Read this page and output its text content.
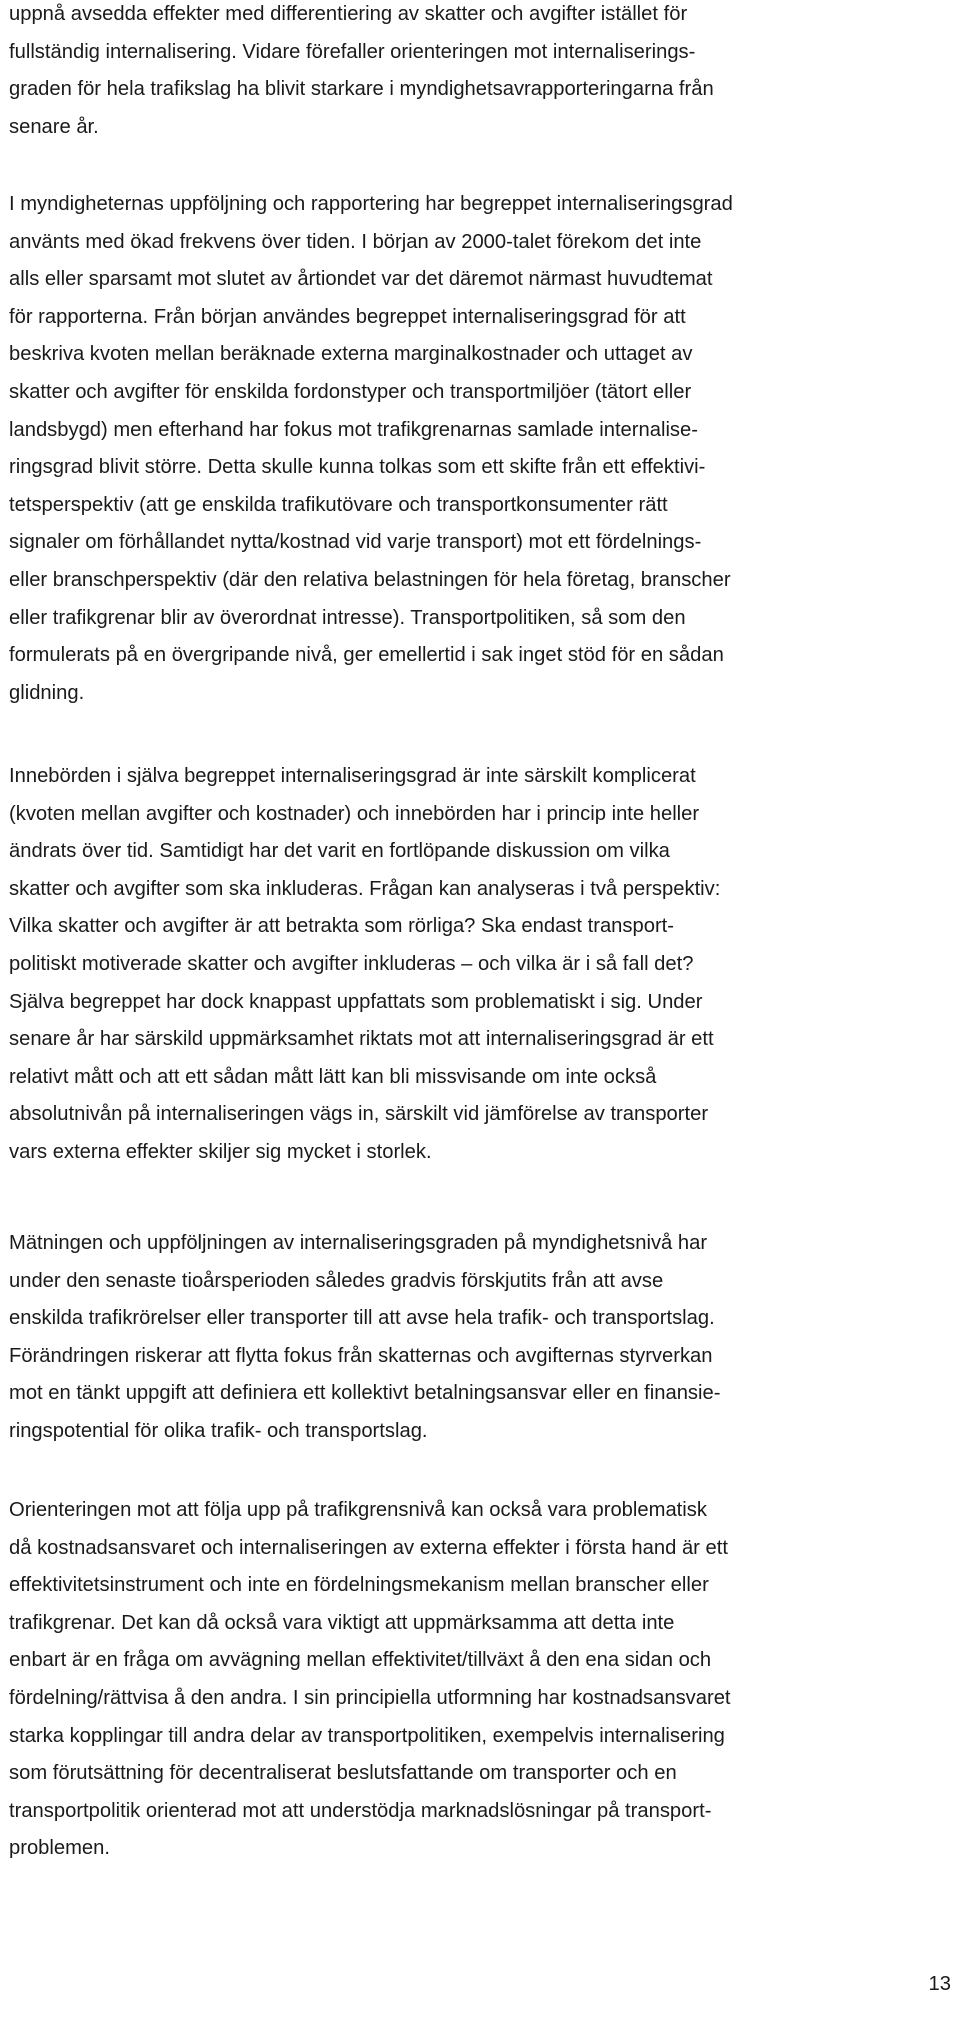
uppnå avsedda effekter med differentiering av skatter och avgifter istället för
fullständig internalisering. Vidare förefaller orienteringen mot internaliserings-
graden för hela trafikslag ha blivit starkare i myndighetsavrapporteringarna från
senare år.
I myndigheternas uppföljning och rapportering har begreppet internaliseringsgrad
använts med ökad frekvens över tiden. I början av 2000-talet förekom det inte
alls eller sparsamt mot slutet av årtiondet var det däremot närmast huvudtemat
för rapporterna. Från början användes begreppet internaliseringsgrad för att
beskriva kvoten mellan beräknade externa marginalkostnader och uttaget av
skatter och avgifter för enskilda fordonstyper och transportmiljöer (tätort eller
landsbygd) men efterhand har fokus mot trafikgrenarnas samlade internalise-
ringsgrad blivit större. Detta skulle kunna tolkas som ett skifte från ett effektivi-
tetsperspektiv (att ge enskilda trafikutövare och transportkonsumenter rätt
signaler om förhållandet nytta/kostnad vid varje transport) mot ett fördelnings-
eller branschperspektiv (där den relativa belastningen för hela företag, branscher
eller trafikgrenar blir av överordnat intresse). Transportpolitiken, så som den
formulerats på en övergripande nivå, ger emellertid i sak inget stöd för en sådan
glidning.
Innebörden i själva begreppet internaliseringsgrad är inte särskilt komplicerat
(kvoten mellan avgifter och kostnader) och innebörden har i princip inte heller
ändrats över tid. Samtidigt har det varit en fortlöpande diskussion om vilka
skatter och avgifter som ska inkluderas. Frågan kan analyseras i två perspektiv:
Vilka skatter och avgifter är att betrakta som rörliga? Ska endast transport-
politiskt motiverade skatter och avgifter inkluderas – och vilka är i så fall det?
Själva begreppet har dock knappast uppfattats som problematiskt i sig. Under
senare år har särskild uppmärksamhet riktats mot att internaliseringsgrad är ett
relativt mått och att ett sådan mått lätt kan bli missvisande om inte också
absolutnivån på internaliseringen vägs in, särskilt vid jämförelse av transporter
vars externa effekter skiljer sig mycket i storlek.
Mätningen och uppföljningen av internaliseringsgraden på myndighetsnivå har
under den senaste tioårsperioden således gradvis förskjutits från att avse
enskilda trafikrörelser eller transporter till att avse hela trafik- och transportslag.
Förändringen riskerar att flytta fokus från skatternas och avgifternas styrverkan
mot en tänkt uppgift att definiera ett kollektivt betalningsansvar eller en finansie-
ringspotential för olika trafik- och transportslag.
Orienteringen mot att följa upp på trafikgrensnivå kan också vara problematisk
då kostnadsansvaret och internaliseringen av externa effekter i första hand är ett
effektivitetsinstrument och inte en fördelningsmekanism mellan branscher eller
trafikgrenar. Det kan då också vara viktigt att uppmärksamma att detta inte
enbart är en fråga om avvägning mellan effektivitet/tillväxt å den ena sidan och
fördelning/rättvisa å den andra. I sin principiella utformning har kostnadsansvaret
starka kopplingar till andra delar av transportpolitiken, exempelvis internalisering
som förutsättning för decentraliserat beslutsfattande om transporter och en
transportpolitik orienterad mot att understödja marknadslösningar på transport-
problemen.
13
